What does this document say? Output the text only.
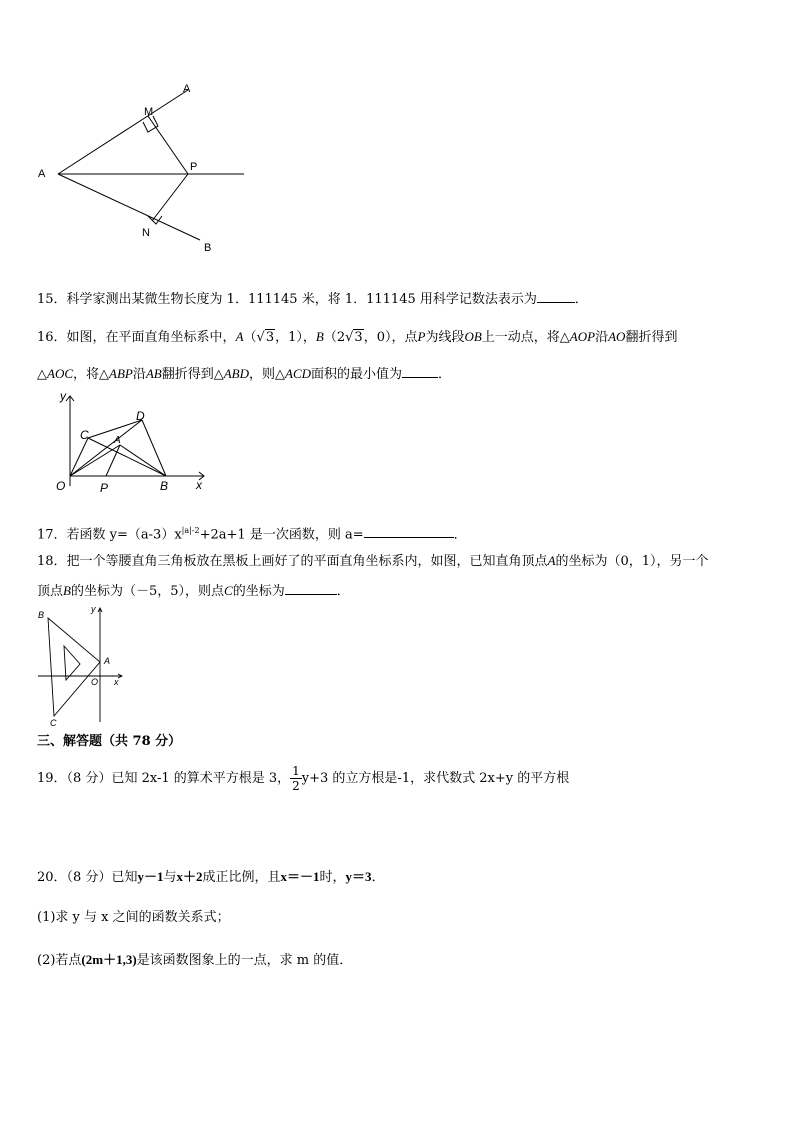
A
M
A
P
N
B
15．科学家测出某微生物长度为 1．111145 米，将 1．111145 用科学记数法表示为	．
16．如图，在平面直角坐标系中，A（√3，1），B（2√3，0），点P为线段OB上一动点，将△AOP沿AO翻折得到
△AOC，将△ABP沿AB翻折得到△ABD，则△ACD面积的最小值为	．
y
D
C	A
O	P	B x
17．若函数 $y=(a-3)x^{|a|-2}+2a+1$ 是一次函数，则 a=	．
18．把一个等腰直角三角板放在黑板上画好了的平面直角坐标系内，如图，已知直角顶点A的坐标为（0，1），另一个
顶点B的坐标为（－5，5），则点C的坐标为	．
B
y
A
O x
C
三、解答题（共 78 分）
19．（8 分）已知 2x-1 的算术平方根是 3， $\frac{1}{2} y+3$ 的立方根是-1，求代数式 2x+y 的平方根
20．（8 分）已知y－1与x＋2成正比例，且x＝－1时，y＝3．
(1)求 y 与 x 之间的函数关系式；
(2)若点(2m＋1,3)是该函数图象上的一点，求 m 的值．
